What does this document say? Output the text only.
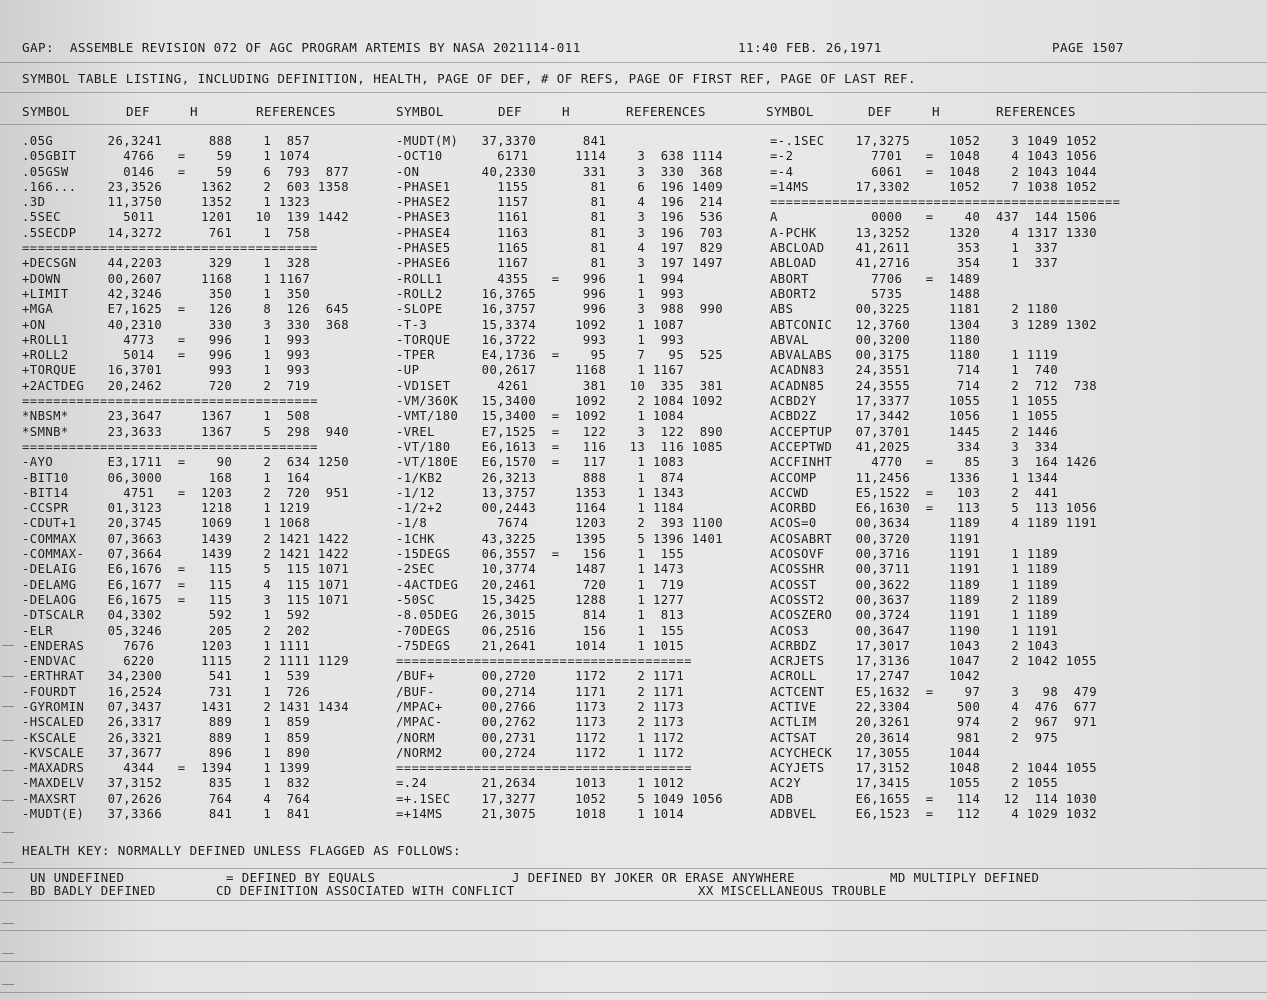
GAP:  ASSEMBLE REVISION 072 OF AGC PROGRAM ARTEMIS BY NASA 2021114-011	11:40 FEB. 26,1971	PAGE 1507
SYMBOL TABLE LISTING, INCLUDING DEFINITION, HEALTH, PAGE OF DEF, # OF REFS, PAGE OF FIRST REF, PAGE OF LAST REF.
SYMBOL	DEF	H	REFERENCES	SYMBOL	DEF	H	REFERENCES	SYMBOL	DEF	H	REFERENCES
.05G       26,3241      888    1  857
.05GBIT      4766   =    59    1 1074
.05GSW       0146   =    59    6  793  877
.166...    23,3526     1362    2  603 1358
.3D        11,3750     1352    1 1323
.5SEC        5011      1201   10  139 1442
.5SECDP    14,3272      761    1  758
======================================
+DECSGN    44,2203      329    1  328
+DOWN      00,2607     1168    1 1167
+LIMIT     42,3246      350    1  350
+MGA       E7,1625  =   126    8  126  645
+ON        40,2310      330    3  330  368
+ROLL1       4773   =   996    1  993
+ROLL2       5014   =   996    1  993
+TORQUE    16,3701      993    1  993
+2ACTDEG   20,2462      720    2  719
======================================
*NBSM*     23,3647     1367    1  508
*SMNB*     23,3633     1367    5  298  940
======================================
-AYO       E3,1711  =    90    2  634 1250
-BIT10     06,3000      168    1  164
-BIT14       4751   =  1203    2  720  951
-CCSPR     01,3123     1218    1 1219
-CDUT+1    20,3745     1069    1 1068
-COMMAX    07,3663     1439    2 1421 1422
-COMMAX-   07,3664     1439    2 1421 1422
-DELAIG    E6,1676  =   115    5  115 1071
-DELAMG    E6,1677  =   115    4  115 1071
-DELAOG    E6,1675  =   115    3  115 1071
-DTSCALR   04,3302      592    1  592
-ELR       05,3246      205    2  202
-ENDERAS     7676      1203    1 1111
-ENDVAC      6220      1115    2 1111 1129
-ERTHRAT   34,2300      541    1  539
-FOURDT    16,2524      731    1  726
-GYROMIN   07,3437     1431    2 1431 1434
-HSCALED   26,3317      889    1  859
-KSCALE    26,3321      889    1  859
-KVSCALE   37,3677      896    1  890
-MAXADRS     4344   =  1394    1 1399
-MAXDELV   37,3152      835    1  832
-MAXSRT    07,2626      764    4  764
-MUDT(E)   37,3366      841    1  841
-MUDT(M)   37,3370      841
-OCT10       6171      1114    3  638 1114
-ON        40,2330      331    3  330  368
-PHASE1      1155        81    6  196 1409
-PHASE2      1157        81    4  196  214
-PHASE3      1161        81    3  196  536
-PHASE4      1163        81    3  196  703
-PHASE5      1165        81    4  197  829
-PHASE6      1167        81    3  197 1497
-ROLL1       4355   =   996    1  994
-ROLL2     16,3765      996    1  993
-SLOPE     16,3757      996    3  988  990
-T-3       15,3374     1092    1 1087
-TORQUE    16,3722      993    1  993
-TPER      E4,1736  =    95    7   95  525
-UP        00,2617     1168    1 1167
-VD1SET      4261       381   10  335  381
-VM/360K   15,3400     1092    2 1084 1092
-VMT/180   15,3400  =  1092    1 1084
-VREL      E7,1525  =   122    3  122  890
-VT/180    E6,1613  =   116   13  116 1085
-VT/180E   E6,1570  =   117    1 1083
-1/KB2     26,3213      888    1  874
-1/12      13,3757     1353    1 1343
-1/2+2     00,2443     1164    1 1184
-1/8         7674      1203    2  393 1100
-1CHK      43,3225     1395    5 1396 1401
-15DEGS    06,3557  =   156    1  155
-2SEC      10,3774     1487    1 1473
-4ACTDEG   20,2461      720    1  719
-50SC      15,3425     1288    1 1277
-8.05DEG   26,3015      814    1  813
-70DEGS    06,2516      156    1  155
-75DEGS    21,2641     1014    1 1015
======================================
/BUF+      00,2720     1172    2 1171
/BUF-      00,2714     1171    2 1171
/MPAC+     00,2766     1173    2 1173
/MPAC-     00,2762     1173    2 1173
/NORM      00,2731     1172    1 1172
/NORM2     00,2724     1172    1 1172
======================================
=.24       21,2634     1013    1 1012
=+.1SEC    17,3277     1052    5 1049 1056
=+14MS     21,3075     1018    1 1014
=-.1SEC    17,3275     1052    3 1049 1052
=-2          7701   =  1048    4 1043 1056
=-4          6061   =  1048    2 1043 1044
=14MS      17,3302     1052    7 1038 1052
=============================================
A            0000   =    40  437  144 1506
A-PCHK     13,3252     1320    4 1317 1330
ABCLOAD    41,2611      353    1  337
ABLOAD     41,2716      354    1  337
ABORT        7706   =  1489
ABORT2       5735      1488
ABS        00,3225     1181    2 1180
ABTCONIC   12,3760     1304    3 1289 1302
ABVAL      00,3200     1180
ABVALABS   00,3175     1180    1 1119
ACADN83    24,3551      714    1  740
ACADN85    24,3555      714    2  712  738
ACBD2Y     17,3377     1055    1 1055
ACBD2Z     17,3442     1056    1 1055
ACCEPTUP   07,3701     1445    2 1446
ACCEPTWD   41,2025      334    3  334
ACCFINHT     4770   =    85    3  164 1426
ACCOMP     11,2456     1336    1 1344
ACCWD      E5,1522  =   103    2  441
ACORBD     E6,1630  =   113    5  113 1056
ACOS=0     00,3634     1189    4 1189 1191
ACOSABRT   00,3720     1191
ACOSOVF    00,3716     1191    1 1189
ACOSSHR    00,3711     1191    1 1189
ACOSST     00,3622     1189    1 1189
ACOSST2    00,3637     1189    2 1189
ACOSZERO   00,3724     1191    1 1189
ACOS3      00,3647     1190    1 1191
ACRBDZ     17,3017     1043    2 1043
ACRJETS    17,3136     1047    2 1042 1055
ACROLL     17,2747     1042
ACTCENT    E5,1632  =    97    3   98  479
ACTIVE     22,3304      500    4  476  677
ACTLIM     20,3261      974    2  967  971
ACTSAT     20,3614      981    2  975
ACYCHECK   17,3055     1044
ACYJETS    17,3152     1048    2 1044 1055
AC2Y       17,3415     1055    2 1055
ADB        E6,1655  =   114   12  114 1030
ADBVEL     E6,1523  =   112    4 1029 1032
HEALTH KEY: NORMALLY DEFINED UNLESS FLAGGED AS FOLLOWS:
UN UNDEFINED	= DEFINED BY EQUALS	J DEFINED BY JOKER OR ERASE ANYWHERE	MD MULTIPLY DEFINED
BD BADLY DEFINED	CD DEFINITION ASSOCIATED WITH CONFLICT	XX MISCELLANEOUS TROUBLE
